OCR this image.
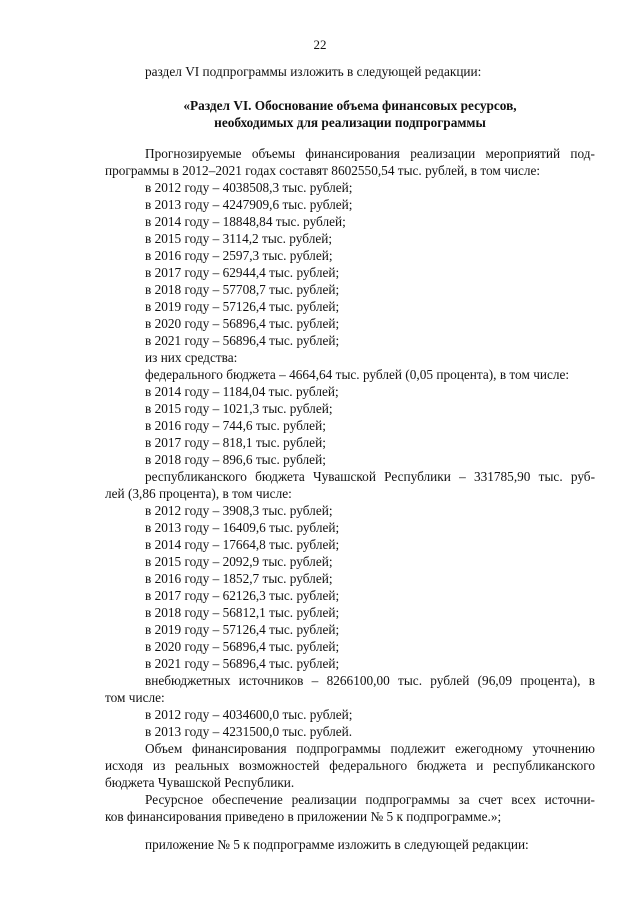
22
раздел VI подпрограммы изложить в следующей редакции:
«Раздел VI. Обоснование объема финансовых ресурсов,
необходимых для реализации подпрограммы
Прогнозируемые объемы финансирования реализации мероприятий под-
программы в 2012–2021 годах составят 8602550,54 тыс. рублей, в том числе:
в 2012 году – 4038508,3 тыс. рублей;
в 2013 году – 4247909,6 тыс. рублей;
в 2014 году – 18848,84 тыс. рублей;
в 2015 году – 3114,2 тыс. рублей;
в 2016 году – 2597,3 тыс. рублей;
в 2017 году – 62944,4 тыс. рублей;
в 2018 году – 57708,7 тыс. рублей;
в 2019 году – 57126,4 тыс. рублей;
в 2020 году – 56896,4 тыс. рублей;
в 2021 году – 56896,4 тыс. рублей;
из них средства:
федерального бюджета – 4664,64 тыс. рублей (0,05 процента), в том числе:
в 2014 году – 1184,04 тыс. рублей;
в 2015 году – 1021,3 тыс. рублей;
в 2016 году – 744,6 тыс. рублей;
в 2017 году – 818,1 тыс. рублей;
в 2018 году – 896,6 тыс. рублей;
республиканского бюджета Чувашской Республики – 331785,90 тыс. руб-
лей (3,86 процента), в том числе:
в 2012 году – 3908,3 тыс. рублей;
в 2013 году – 16409,6 тыс. рублей;
в 2014 году – 17664,8 тыс. рублей;
в 2015 году – 2092,9 тыс. рублей;
в 2016 году – 1852,7 тыс. рублей;
в 2017 году – 62126,3 тыс. рублей;
в 2018 году – 56812,1 тыс. рублей;
в 2019 году – 57126,4 тыс. рублей;
в 2020 году – 56896,4 тыс. рублей;
в 2021 году – 56896,4 тыс. рублей;
внебюджетных источников – 8266100,00 тыс. рублей (96,09 процента), в
том числе:
в 2012 году – 4034600,0 тыс. рублей;
в 2013 году – 4231500,0 тыс. рублей.
Объем финансирования подпрограммы подлежит ежегодному уточнению
исходя из реальных возможностей федерального бюджета и республиканского
бюджета Чувашской Республики.
Ресурсное обеспечение реализации подпрограммы за счет всех источни-
ков финансирования приведено в приложении № 5 к подпрограмме.»;
приложение № 5 к подпрограмме изложить в следующей редакции:
